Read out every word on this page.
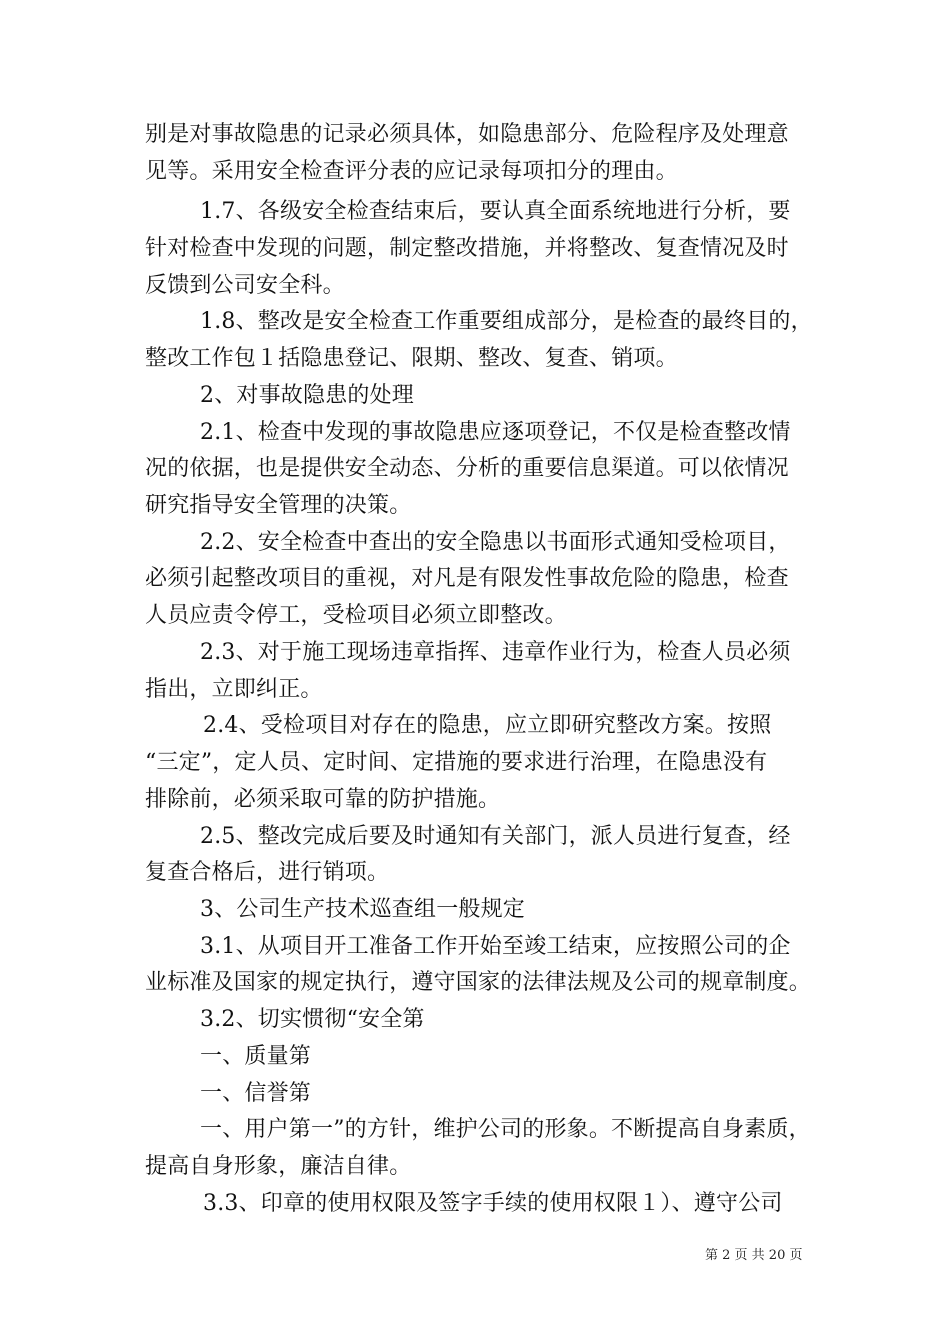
别是对事故隐患的记录必须具体，如隐患部分、危险程序及处理意
见等。采用安全检查评分表的应记录每项扣分的理由。
1.7、各级安全检查结束后，要认真全面系统地进行分析，要
针对检查中发现的问题，制定整改措施，并将整改、复查情况及时
反馈到公司安全科。
1.8、整改是安全检查工作重要组成部分，是检查的最终目的，
整改工作包１括隐患登记、限期、整改、复查、销项。
2、对事故隐患的处理
2.1、检查中发现的事故隐患应逐项登记，不仅是检查整改情
况的依据，也是提供安全动态、分析的重要信息渠道。可以依情况
研究指导安全管理的决策。
2.2、安全检查中查出的安全隐患以书面形式通知受检项目，
必须引起整改项目的重视，对凡是有限发性事故危险的隐患，检查
人员应责令停工，受检项目必须立即整改。
2.3、对于施工现场违章指挥、违章作业行为，检查人员必须
指出，立即纠正。
2.4、受检项目对存在的隐患，应立即研究整改方案。按照
“三定”，定人员、定时间、定措施的要求进行治理，在隐患没有
排除前，必须采取可靠的防护措施。
2.5、整改完成后要及时通知有关部门，派人员进行复查，经
复查合格后，进行销项。
3、公司生产技术巡查组一般规定
3.1、从项目开工准备工作开始至竣工结束，应按照公司的企
业标准及国家的规定执行，遵守国家的法律法规及公司的规章制度。
3.2、切实惯彻“安全第
一、质量第
一、信誉第
一、用户第一”的方针，维护公司的形象。不断提高自身素质，
提高自身形象，廉洁自律。
3.3、印章的使用权限及签字手续的使用权限１）、遵守公司
第 2 页 共 20 页
